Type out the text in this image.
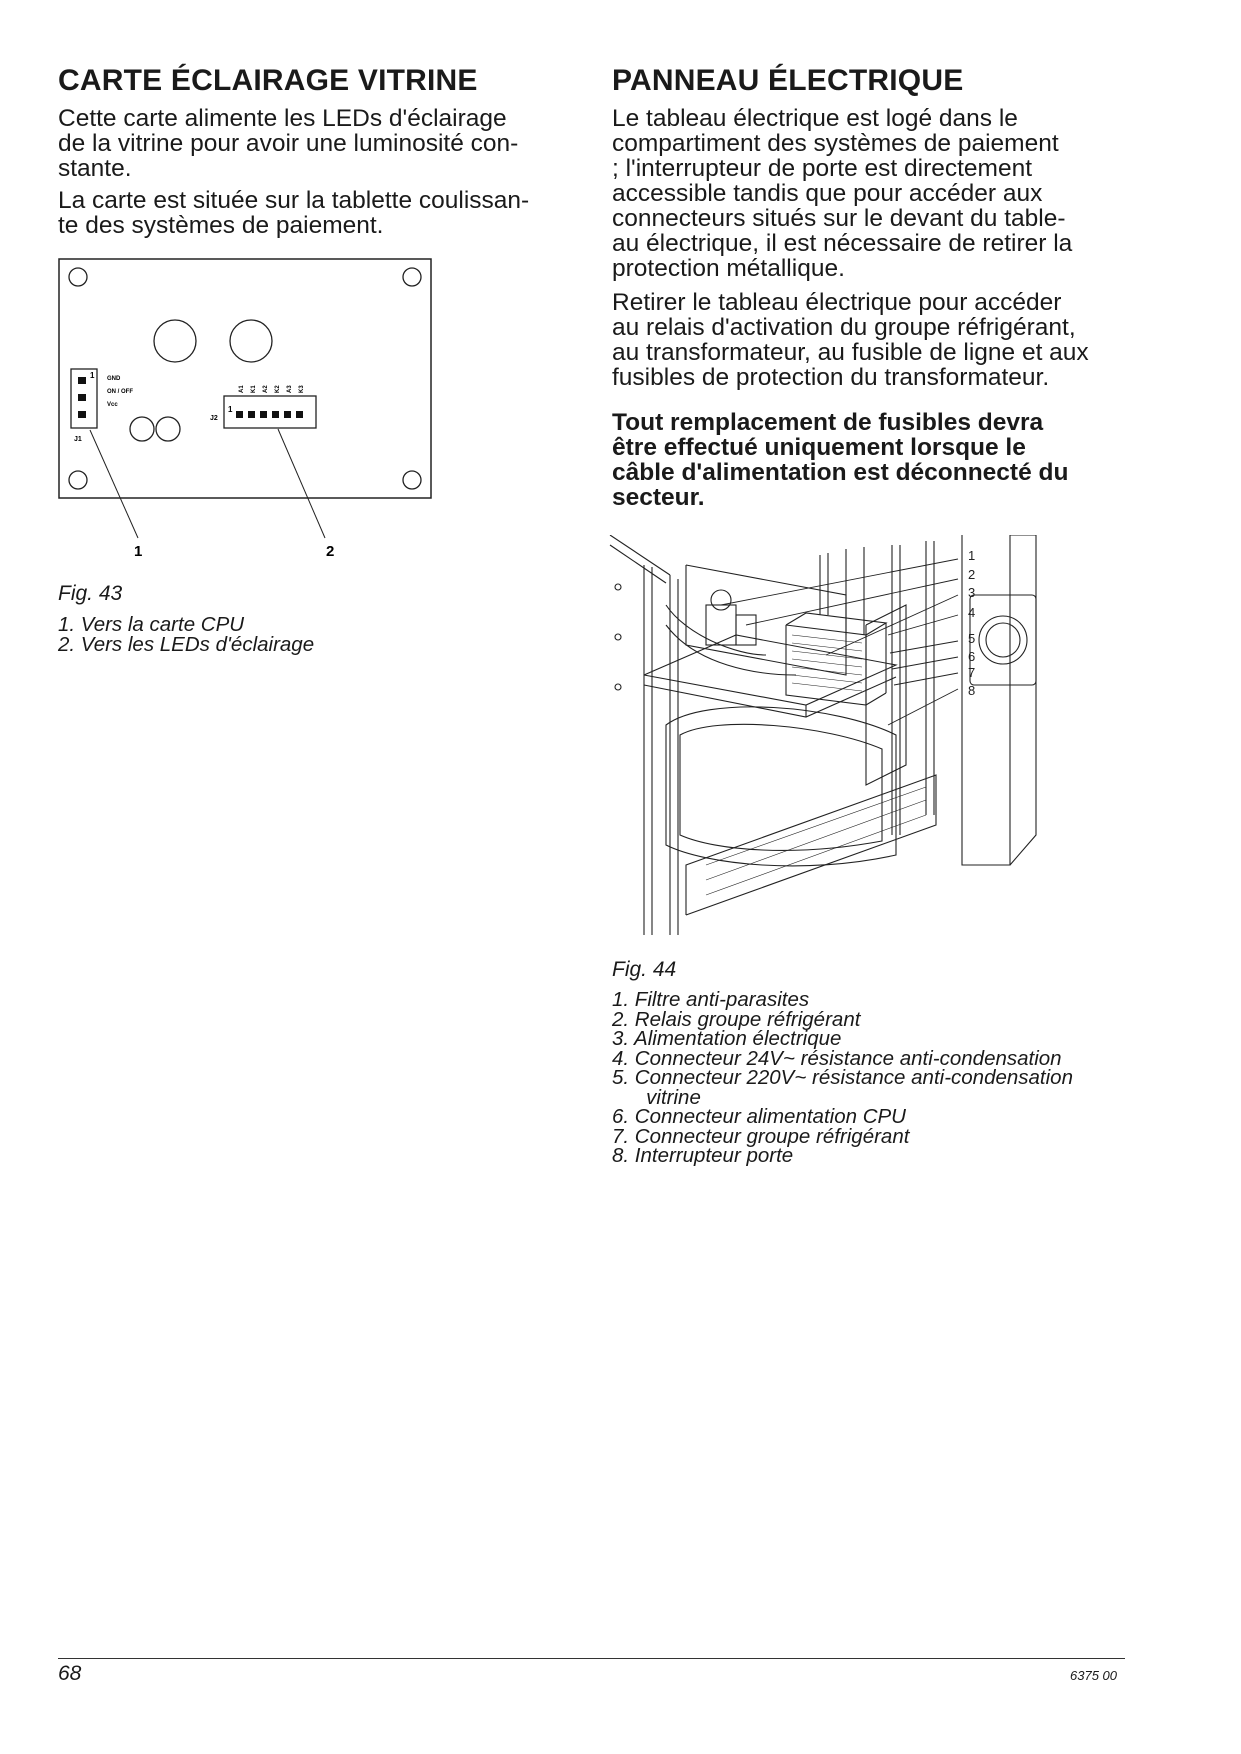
CARTE ÉCLAIRAGE VITRINE
Cette carte alimente les LEDs d'éclairage
de la vitrine pour avoir une luminosité con-
stante.
La carte est située sur la tablette coulissan-
te des systèmes de paiement.
1 GND
ON / OFF
Vcc
J1
1
J2
A1 K1 A2 K2 A3 K3
1	2
Fig. 43
1. Vers la carte CPU
2. Vers les LEDs d'éclairage
PANNEAU ÉLECTRIQUE
Le tableau électrique est logé dans le
compartiment des systèmes de paiement
; l'interrupteur de porte est directement
accessible tandis que pour accéder aux
connecteurs situés sur le devant du table-
au électrique, il est nécessaire de retirer la
protection métallique.
Retirer le tableau électrique pour accéder
au relais d'activation du groupe réfrigérant,
au transformateur, au fusible de ligne et aux
fusibles de protection du transformateur.
Tout remplacement de fusibles devra
être effectué uniquement lorsque le
câble d'alimentation est déconnecté du
secteur.
1
2
3
4
5
6
7
8
Fig. 44
1. Filtre anti-parasites
2. Relais groupe réfrigérant
3. Alimentation électrique
4. Connecteur 24V~ résistance anti-condensation
5. Connecteur 220V~ résistance anti-condensation
vitrine
6. Connecteur alimentation CPU
7. Connecteur groupe réfrigérant
8. Interrupteur porte
68	6375 00
